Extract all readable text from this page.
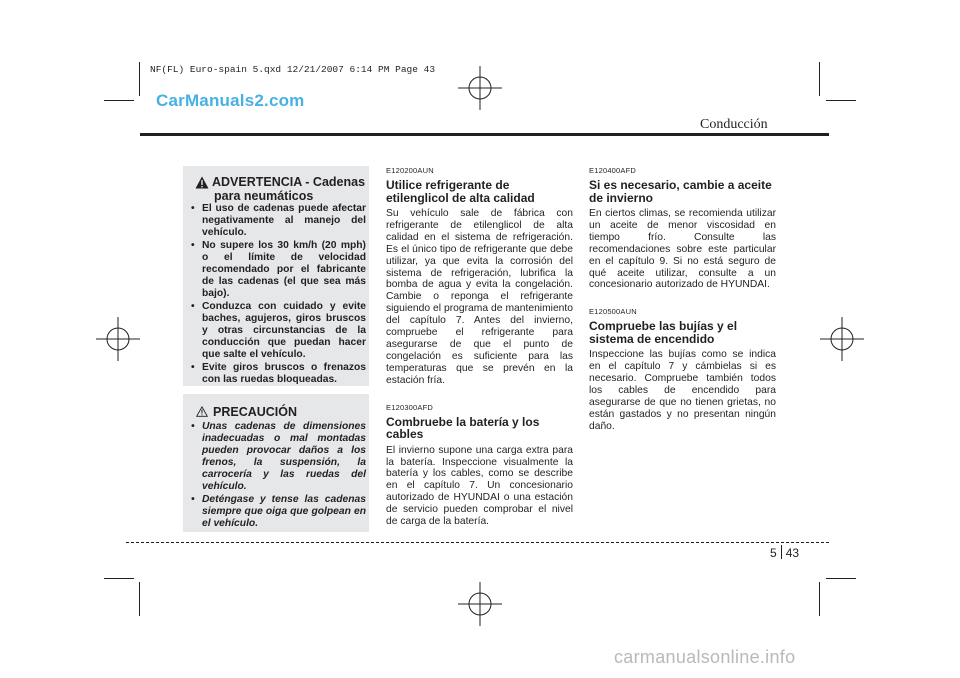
NF(FL) Euro-spain 5.qxd 12/21/2007 6:14 PM Page 43
CarManuals2.com
Conducción
ADVERTENCIA - Cadenas
para neumáticos
• El uso de cadenas puede afectar negativamente al manejo del vehículo.
• No supere los 30 km/h (20 mph) o el límite de velocidad recomendado por el fabricante de las cadenas (el que sea más bajo).
• Conduzca con cuidado y evite baches, agujeros, giros bruscos y otras circunstancias de la conducción que puedan hacer que salte el vehículo.
• Evite giros bruscos o frenazos con las ruedas bloqueadas.
PRECAUCIÓN
• Unas cadenas de dimensiones inadecuadas o mal montadas pueden provocar daños a los frenos, la suspensión, la carrocería y las ruedas del vehículo.
• Deténgase y tense las cadenas siempre que oiga que golpean en el vehículo.
E120200AUN
Utilice refrigerante de etilenglicol de alta calidad
Su vehículo sale de fábrica con refrigerante de etilenglicol de alta calidad en el sistema de refrigeración. Es el único tipo de refrigerante que debe utilizar, ya que evita la corrosión del sistema de refrigeración, lubrifica la bomba de agua y evita la congelación. Cambie o reponga el refrigerante siguiendo el programa de mantenimiento del capítulo 7. Antes del invierno, compruebe el refrigerante para asegurarse de que el punto de congelación es suficiente para las temperaturas que se prevén en la estación fría.
E120300AFD
Combruebe la batería y los cables
El invierno supone una carga extra para la batería. Inspeccione visualmente la batería y los cables, como se describe en el capítulo 7. Un concesionario autorizado de HYUNDAI o una estación de servicio pueden comprobar el nivel de carga de la batería.
E120400AFD
Si es necesario, cambie a aceite de invierno
En ciertos climas, se recomienda utilizar un aceite de menor viscosidad en tiempo frío. Consulte las recomendaciones sobre este particular en el capítulo 9. Si no está seguro de qué aceite utilizar, consulte a un concesionario autorizado de HYUNDAI.
E120500AUN
Compruebe las bujías y el sistema de encendido
Inspeccione las bujías como se indica en el capítulo 7 y cámbielas si es necesario. Compruebe también todos los cables de encendido para asegurarse de que no tienen grietas, no están gastados y no presentan ningún daño.
5 43
carmanualsonline.info
